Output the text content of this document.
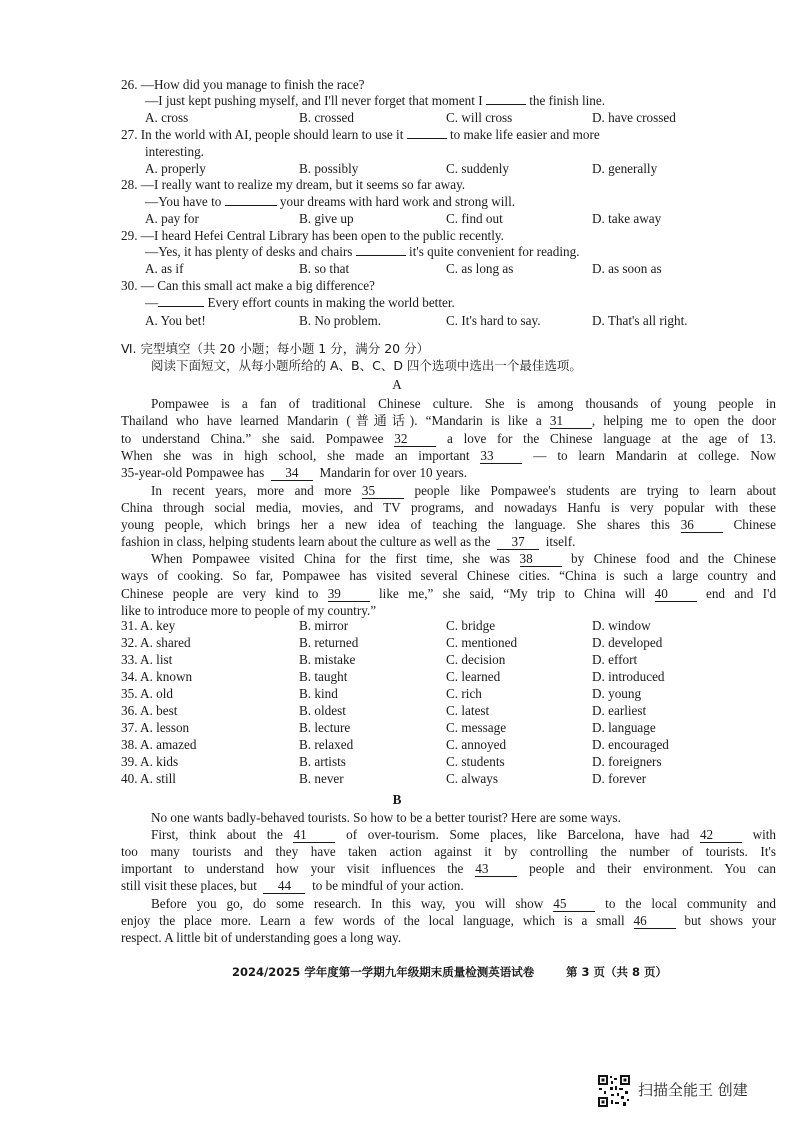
26. —How did you manage to finish the race?
—I just kept pushing myself, and I'll never forget that moment I	the finish line.
A. cross	B. crossed	C. will cross	D. have crossed
27. In the world with AI, people should learn to use it	to make life easier and more
interesting.
A. properly	B. possibly	C. suddenly	D. generally
28. —I really want to realize my dream, but it seems so far away.
—You have to	your dreams with hard work and strong will.
A. pay for	B. give up	C. find out	D. take away
29. —I heard Hefei Central Library has been open to the public recently.
—Yes, it has plenty of desks and chairs	it's quite convenient for reading.
A. as if	B. so that	C. as long as	D. as soon as
30. — Can this small act make a big difference?
—	Every effort counts in making the world better.
A. You bet!	B. No problem.	C. It's hard to say.	D. That's all right.
Ⅵ. 完型填空（共 20 小题；每小题 1 分，满分 20 分）
阅读下面短文，从每小题所给的 A、B、C、D 四个选项中选出一个最佳选项。
A
Pompawee is a fan of traditional Chinese culture. She is among thousands of young people in
Thailand who have learned Mandarin (普通话). “Mandarin is like a 31 , helping me to open the door
to understand China.” she said. Pompawee 32	a love for the Chinese language at the age of 13.
When she was in high school, she made an important 33	— to learn Mandarin at college. Now
35-year-old Pompawee has 34 Mandarin for over 10 years.
In recent years, more and more 35	people like Pompawee's students are trying to learn about
China through social media, movies, and TV programs, and nowadays Hanfu is very popular with these
young people, which brings her a new idea of teaching the language. She shares this 36	Chinese
fashion in class, helping students learn about the culture as well as the 37 itself.
When Pompawee visited China for the first time, she was 38	by Chinese food and the Chinese
ways of cooking. So far, Pompawee has visited several Chinese cities. “China is such a large country and
Chinese people are very kind to 39	like me,” she said, “My trip to China will 40	end and I'd
like to introduce more to people of my country.”
31. A. key	B. mirror	C. bridge	D. window
32. A. shared	B. returned	C. mentioned	D. developed
33. A. list	B. mistake	C. decision	D. effort
34. A. known	B. taught	C. learned	D. introduced
35. A. old	B. kind	C. rich	D. young
36. A. best	B. oldest	C. latest	D. earliest
37. A. lesson	B. lecture	C. message	D. language
38. A. amazed	B. relaxed	C. annoyed	D. encouraged
39. A. kids	B. artists	C. students	D. foreigners
40. A. still	B. never	C. always	D. forever
B
No one wants badly-behaved tourists. So how to be a better tourist? Here are some ways.
First, think about the 41	of over-tourism. Some places, like Barcelona, have had 42	with
too many tourists and they have taken action against it by controlling the number of tourists. It's
important to understand how your visit influences the 43	people and their environment. You can
still visit these places, but 44 to be mindful of your action.
Before you go, do some research. In this way, you will show 45	to the local community and
enjoy the place more. Learn a few words of the local language, which is a small 46	but shows your
respect. A little bit of understanding goes a long way.
2024/2025 学年度第一学期九年级期末质量检测英语试卷	第 3 页（共 8 页）
扫描全能王 创建
